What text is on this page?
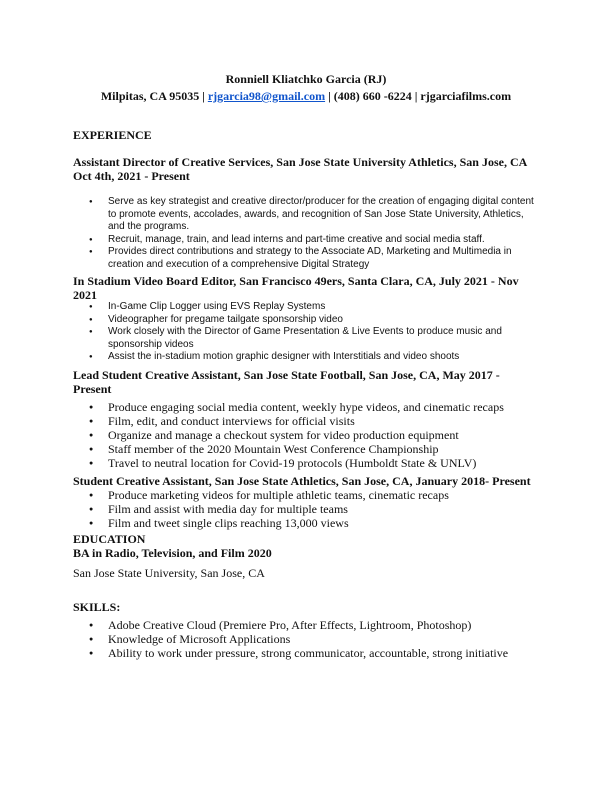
Ronniell Kliatchko Garcia (RJ)
Milpitas, CA 95035 | rjgarcia98@gmail.com | (408) 660 -6224 | rjgarciafilms.com
EXPERIENCE
Assistant Director of Creative Services, San Jose State University Athletics, San Jose, CA
Oct 4th, 2021 - Present
● Serve as key strategist and creative director/producer for the creation of engaging digital content to promote events, accolades, awards, and recognition of San Jose State University, Athletics, and the programs.
● Recruit, manage, train, and lead interns and part-time creative and social media staff.
● Provides direct contributions and strategy to the Associate AD, Marketing and Multimedia in creation and execution of a comprehensive Digital Strategy
In Stadium Video Board Editor, San Francisco 49ers, Santa Clara, CA, July 2021 - Nov
2021
● In-Game Clip Logger using EVS Replay Systems
● Videographer for pregame tailgate sponsorship video
● Work closely with the Director of Game Presentation & Live Events to produce music and sponsorship videos
● Assist the in-stadium motion graphic designer with Interstitials and video shoots
Lead Student Creative Assistant, San Jose State Football, San Jose, CA, May 2017 -
Present
● Produce engaging social media content, weekly hype videos, and cinematic recaps
● Film, edit, and conduct interviews for official visits
● Organize and manage a checkout system for video production equipment
● Staff member of the 2020 Mountain West Conference Championship
● Travel to neutral location for Covid-19 protocols (Humboldt State & UNLV)
Student Creative Assistant, San Jose State Athletics, San Jose, CA, January 2018- Present
● Produce marketing videos for multiple athletic teams, cinematic recaps
● Film and assist with media day for multiple teams
● Film and tweet single clips reaching 13,000 views
EDUCATION
BA in Radio, Television, and Film 2020
San Jose State University, San Jose, CA
SKILLS:
● Adobe Creative Cloud (Premiere Pro, After Effects, Lightroom, Photoshop)
● Knowledge of Microsoft Applications
● Ability to work under pressure, strong communicator, accountable, strong initiative
